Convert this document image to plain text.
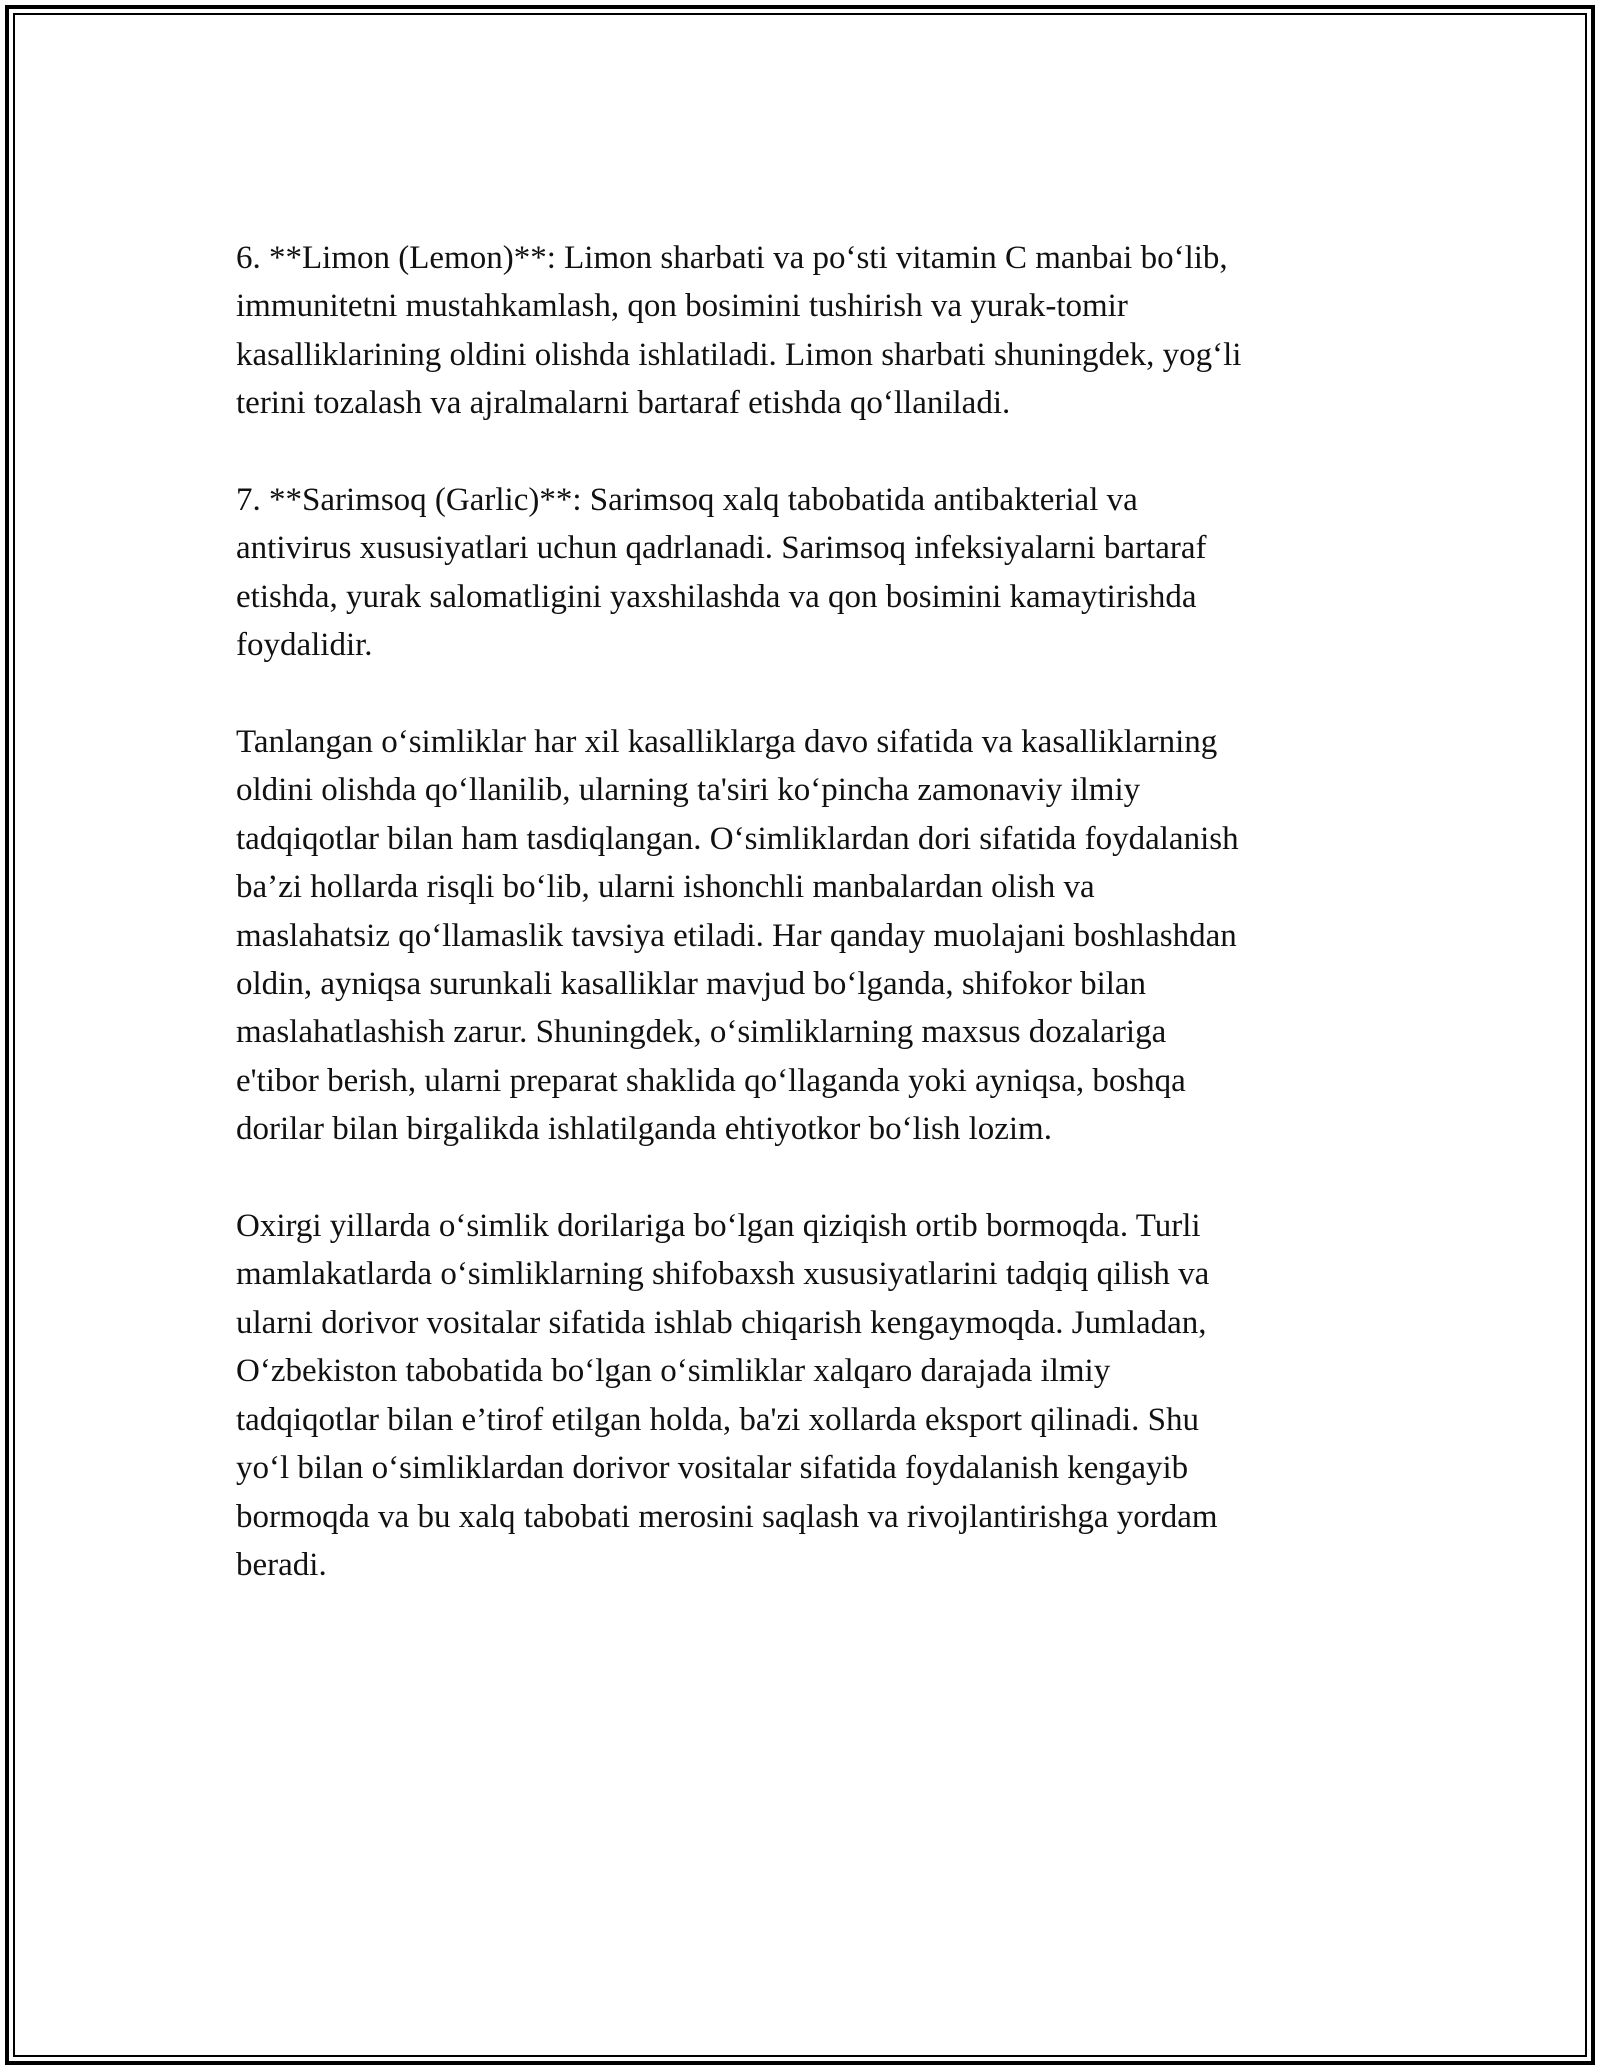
6. **Limon (Lemon)**: Limon sharbati va po‘sti vitamin C manbai bo‘lib,
immunitetni mustahkamlash, qon bosimini tushirish va yurak-tomir
kasalliklarining oldini olishda ishlatiladi. Limon sharbati shuningdek, yog‘li
terini tozalash va ajralmalarni bartaraf etishda qo‘llaniladi.

7. **Sarimsoq (Garlic)**: Sarimsoq xalq tabobatida antibakterial va
antivirus xususiyatlari uchun qadrlanadi. Sarimsoq infeksiyalarni bartaraf
etishda, yurak salomatligini yaxshilashda va qon bosimini kamaytirishda
foydalidir.

Tanlangan o‘simliklar har xil kasalliklarga davo sifatida va kasalliklarning
oldini olishda qo‘llanilib, ularning ta'siri ko‘pincha zamonaviy ilmiy
tadqiqotlar bilan ham tasdiqlangan. O‘simliklardan dori sifatida foydalanish
ba’zi hollarda risqli bo‘lib, ularni ishonchli manbalardan olish va
maslahatsiz qo‘llamaslik tavsiya etiladi. Har qanday muolajani boshlashdan
oldin, ayniqsa surunkali kasalliklar mavjud bo‘lganda, shifokor bilan
maslahatlashish zarur. Shuningdek, o‘simliklarning maxsus dozalariga
e'tibor berish, ularni preparat shaklida qo‘llaganda yoki ayniqsa, boshqa
dorilar bilan birgalikda ishlatilganda ehtiyotkor bo‘lish lozim.

Oxirgi yillarda o‘simlik dorilariga bo‘lgan qiziqish ortib bormoqda. Turli
mamlakatlarda o‘simliklarning shifobaxsh xususiyatlarini tadqiq qilish va
ularni dorivor vositalar sifatida ishlab chiqarish kengaymoqda. Jumladan,
O‘zbekiston tabobatida bo‘lgan o‘simliklar xalqaro darajada ilmiy
tadqiqotlar bilan e’tirof etilgan holda, ba'zi xollarda eksport qilinadi. Shu
yo‘l bilan o‘simliklardan dorivor vositalar sifatida foydalanish kengayib
bormoqda va bu xalq tabobati merosini saqlash va rivojlantirishga yordam
beradi.
